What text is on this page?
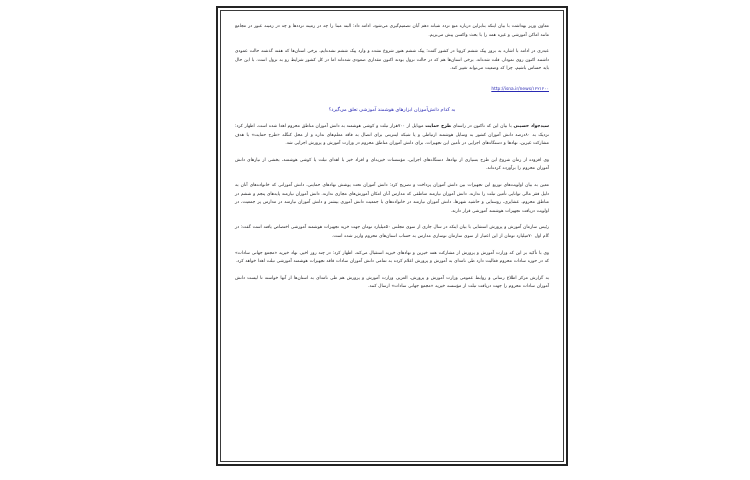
معاون وزیر بهداشت با بیان اینکه بنابراین درباره منع تردد شبانه دهم آبان تصمیم‌گیری می‌شود، ادامه داد: البته مبنا را چه در زمینه تردد‌ها و چه در زمینه عبور در مجامع مانند اماکن آموزشی و غیره همه را با بحث واکسن پیش می‌بریم.

عبدری در ادامه با اشاره به بروز پیک ششم کرونا در کشور گفت: پیک ششم هنوز شروع نشده و وارد پیک ششم نشده‌ایم، برخی استان‌ها که هفته گذشته حالت عمودی داشتند اکنون روی نمودار، فلت شده‌اند. برخی استان‌ها هم که در حالت نزول بودند اکنون مقداری صعودی شده‌اند اما در کل کشور شرایط رو به نزول است. با این حال باید حساس باشیم، چرا که وضعیت می‌تواند تغییر کند.

http://isna.ir/news/۱۲۲۱۲۰۰

به کدام دانش‌آموزان ابزارهای هوشمند آموزشی تعلق می‌گیرد؟

سیدجواد حسینی با بیان این که تاکنون در راستای طرح حمایت موبایل از ۷۰۰هزار تبلت و کوشی هوشمند به دانش آموزان مناطق محروم اهدا شده است، اظهار کرد: نزدیک به ۸۰درصد دانش آموزان کشور به وسایل هوشمند ارتباطی و یا شبکه اینترنتی برای اتصال به فاقد معلم‌های نداره و از محل کنگله «طرح حمایت» با هدف مشارکت غیرین، نهادها و دستگاه‌های اجرایی در تأمین این تجهیزات، برای دانش آموزان مناطق محروم در وزارت آموزش و پرورش اجرایی شد.

وی افزوده از زمان شروع این طرح بسیاری از نهادها، دستگاه‌های اجرایی، مؤسسات خیریه‌ای و افراد خیر با اهدای تبلت یا کوشی هوشمند، بخشی از نیازهای دانش آموزان محروم را برآورده کرده‌اند.

معین به بیان اولویت‌های توزیع این تجهیزات بین دانش آموزان پرداخت و تصریح کرد: دانش آموزان تحت پوشش نهادهای حمایتی، دانش آموزانی که خانواده‌های آنان به دلیل فقر مالی توانایی تأمین تبلت را ندارند. دانش آموزان نیازمند مناطقی که مدارس آنان امکان آموزش‌های مجازی ندارند. دانش آموزان نیازمند پایه‌های پنجم و ششم در مناطق محروم، عشایری، روستایی و حاشیه شهرها، دانش آموزان نیازمند در خانواده‌های با جمعیت دانش آموزی بیشتر و دانش آموزان نیازمند در مدارس پر جمعیت، در اولویت دریافت تجهیزات هوشمند آموزشی قرار دارند.

رئیس سازمان آموزش و پرورش استثنایی با بیان اینکه در سال جاری از سوی مجلس ۵۰میلیارد تومان جهت خرید تجهیزات هوشمند آموزشی اختصاص یافته است گفت: در گام اول ۷۰میلیارد تومان از این اعتبار از سوی سازمان نوسازی مدارس به حساب استان‌های محروم واریز شده است.

وی با تأکید بر این که وزارت آموزش و پرورش از مشارکت همه خیرین و نهادهای خیریه استقبال می‌کند، اظهار کرد: در چند روز اخیر، نهاد خیریه «مجمع جهانی سادات» که در حوزه سادات محروم فعالیت دارد طی نامه‌ای به آموزش و پرورش اعلام کرده به تمامی دانش آموزان سادات فاقد تجهیزات هوشمند آموزشی تبلت اهدا خواهد کرد.

به گزارش مرکز اطلاع رسانی و روابط عمومی وزارت آموزش و پرورش، العزیز، وزارت آموزش و پرورش هم طی نامه‌ای به استان‌ها از آنها خواسته تا لیست دانش آموزان سادات محروم را جهت دریافت تبلت از مؤسسه خیریه «مجمع جهانی سادات» ارسال کنند.
